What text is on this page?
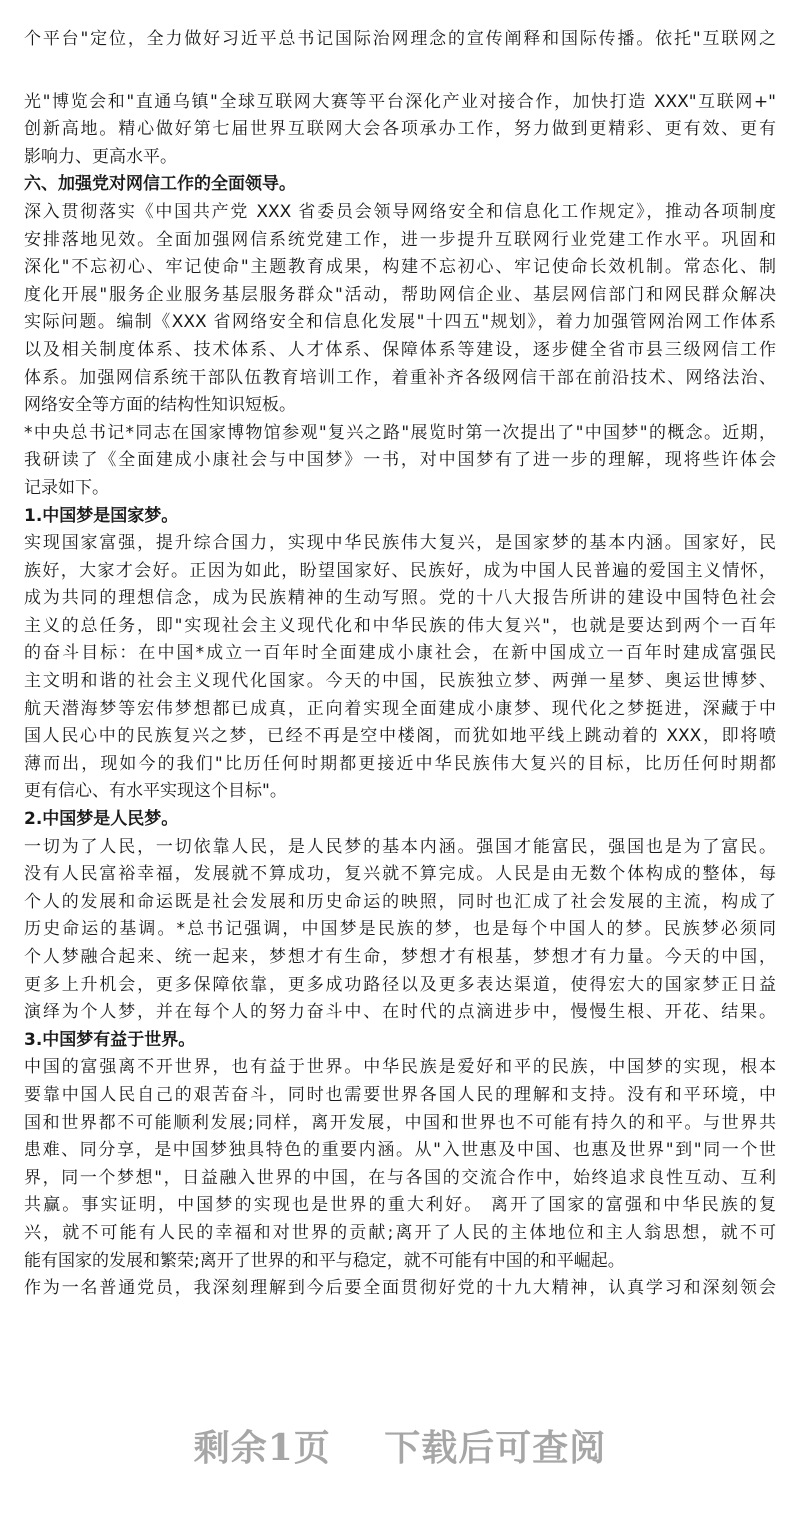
个平台"定位，全力做好习近平总书记国际治网理念的宣传阐释和国际传播。依托"互联网之
光"博览会和"直通乌镇"全球互联网大赛等平台深化产业对接合作，加快打造 XXX"互联网+"
创新高地。精心做好第七届世界互联网大会各项承办工作，努力做到更精彩、更有效、更有
影响力、更高水平。
六、加强党对网信工作的全面领导。
深入贯彻落实《中国共产党 XXX 省委员会领导网络安全和信息化工作规定》，推动各项制度
安排落地见效。全面加强网信系统党建工作，进一步提升互联网行业党建工作水平。巩固和
深化"不忘初心、牢记使命"主题教育成果，构建不忘初心、牢记使命长效机制。常态化、制
度化开展"服务企业服务基层服务群众"活动，帮助网信企业、基层网信部门和网民群众解决
实际问题。编制《XXX 省网络安全和信息化发展"十四五"规划》，着力加强管网治网工作体系
以及相关制度体系、技术体系、人才体系、保障体系等建设，逐步健全省市县三级网信工作
体系。加强网信系统干部队伍教育培训工作，着重补齐各级网信干部在前沿技术、网络法治、
网络安全等方面的结构性知识短板。
*中央总书记*同志在国家博物馆参观"复兴之路"展览时第一次提出了"中国梦"的概念。近期，
我研读了《全面建成小康社会与中国梦》一书，对中国梦有了进一步的理解，现将些许体会
记录如下。
1.中国梦是国家梦。
实现国家富强，提升综合国力，实现中华民族伟大复兴，是国家梦的基本内涵。国家好，民
族好，大家才会好。正因为如此，盼望国家好、民族好，成为中国人民普遍的爱国主义情怀，
成为共同的理想信念，成为民族精神的生动写照。党的十八大报告所讲的建设中国特色社会
主义的总任务，即"实现社会主义现代化和中华民族的伟大复兴"，也就是要达到两个一百年
的奋斗目标：在中国*成立一百年时全面建成小康社会，在新中国成立一百年时建成富强民
主文明和谐的社会主义现代化国家。今天的中国，民族独立梦、两弹一星梦、奥运世博梦、
航天潜海梦等宏伟梦想都已成真，正向着实现全面建成小康梦、现代化之梦挺进，深藏于中
国人民心中的民族复兴之梦，已经不再是空中楼阁，而犹如地平线上跳动着的 XXX，即将喷
薄而出，现如今的我们"比历任何时期都更接近中华民族伟大复兴的目标，比历任何时期都
更有信心、有水平实现这个目标"。
2.中国梦是人民梦。
一切为了人民，一切依靠人民，是人民梦的基本内涵。强国才能富民，强国也是为了富民。
没有人民富裕幸福，发展就不算成功，复兴就不算完成。人民是由无数个体构成的整体，每
个人的发展和命运既是社会发展和历史命运的映照，同时也汇成了社会发展的主流，构成了
历史命运的基调。*总书记强调，中国梦是民族的梦，也是每个中国人的梦。民族梦必须同
个人梦融合起来、统一起来，梦想才有生命，梦想才有根基，梦想才有力量。今天的中国，
更多上升机会，更多保障依靠，更多成功路径以及更多表达渠道，使得宏大的国家梦正日益
演绎为个人梦，并在每个人的努力奋斗中、在时代的点滴进步中，慢慢生根、开花、结果。
3.中国梦有益于世界。
中国的富强离不开世界，也有益于世界。中华民族是爱好和平的民族，中国梦的实现，根本
要靠中国人民自己的艰苦奋斗，同时也需要世界各国人民的理解和支持。没有和平环境，中
国和世界都不可能顺利发展;同样，离开发展，中国和世界也不可能有持久的和平。与世界共
患难、同分享，是中国梦独具特色的重要内涵。从"入世惠及中国、也惠及世界"到"同一个世
界，同一个梦想"，日益融入世界的中国，在与各国的交流合作中，始终追求良性互动、互利
共赢。事实证明，中国梦的实现也是世界的重大利好。 离开了国家的富强和中华民族的复
兴，就不可能有人民的幸福和对世界的贡献;离开了人民的主体地位和主人翁思想，就不可
能有国家的发展和繁荣;离开了世界的和平与稳定，就不可能有中国的和平崛起。
作为一名普通党员，我深刻理解到今后要全面贯彻好党的十九大精神，认真学习和深刻领会
剩余1页 下载后可查阅
